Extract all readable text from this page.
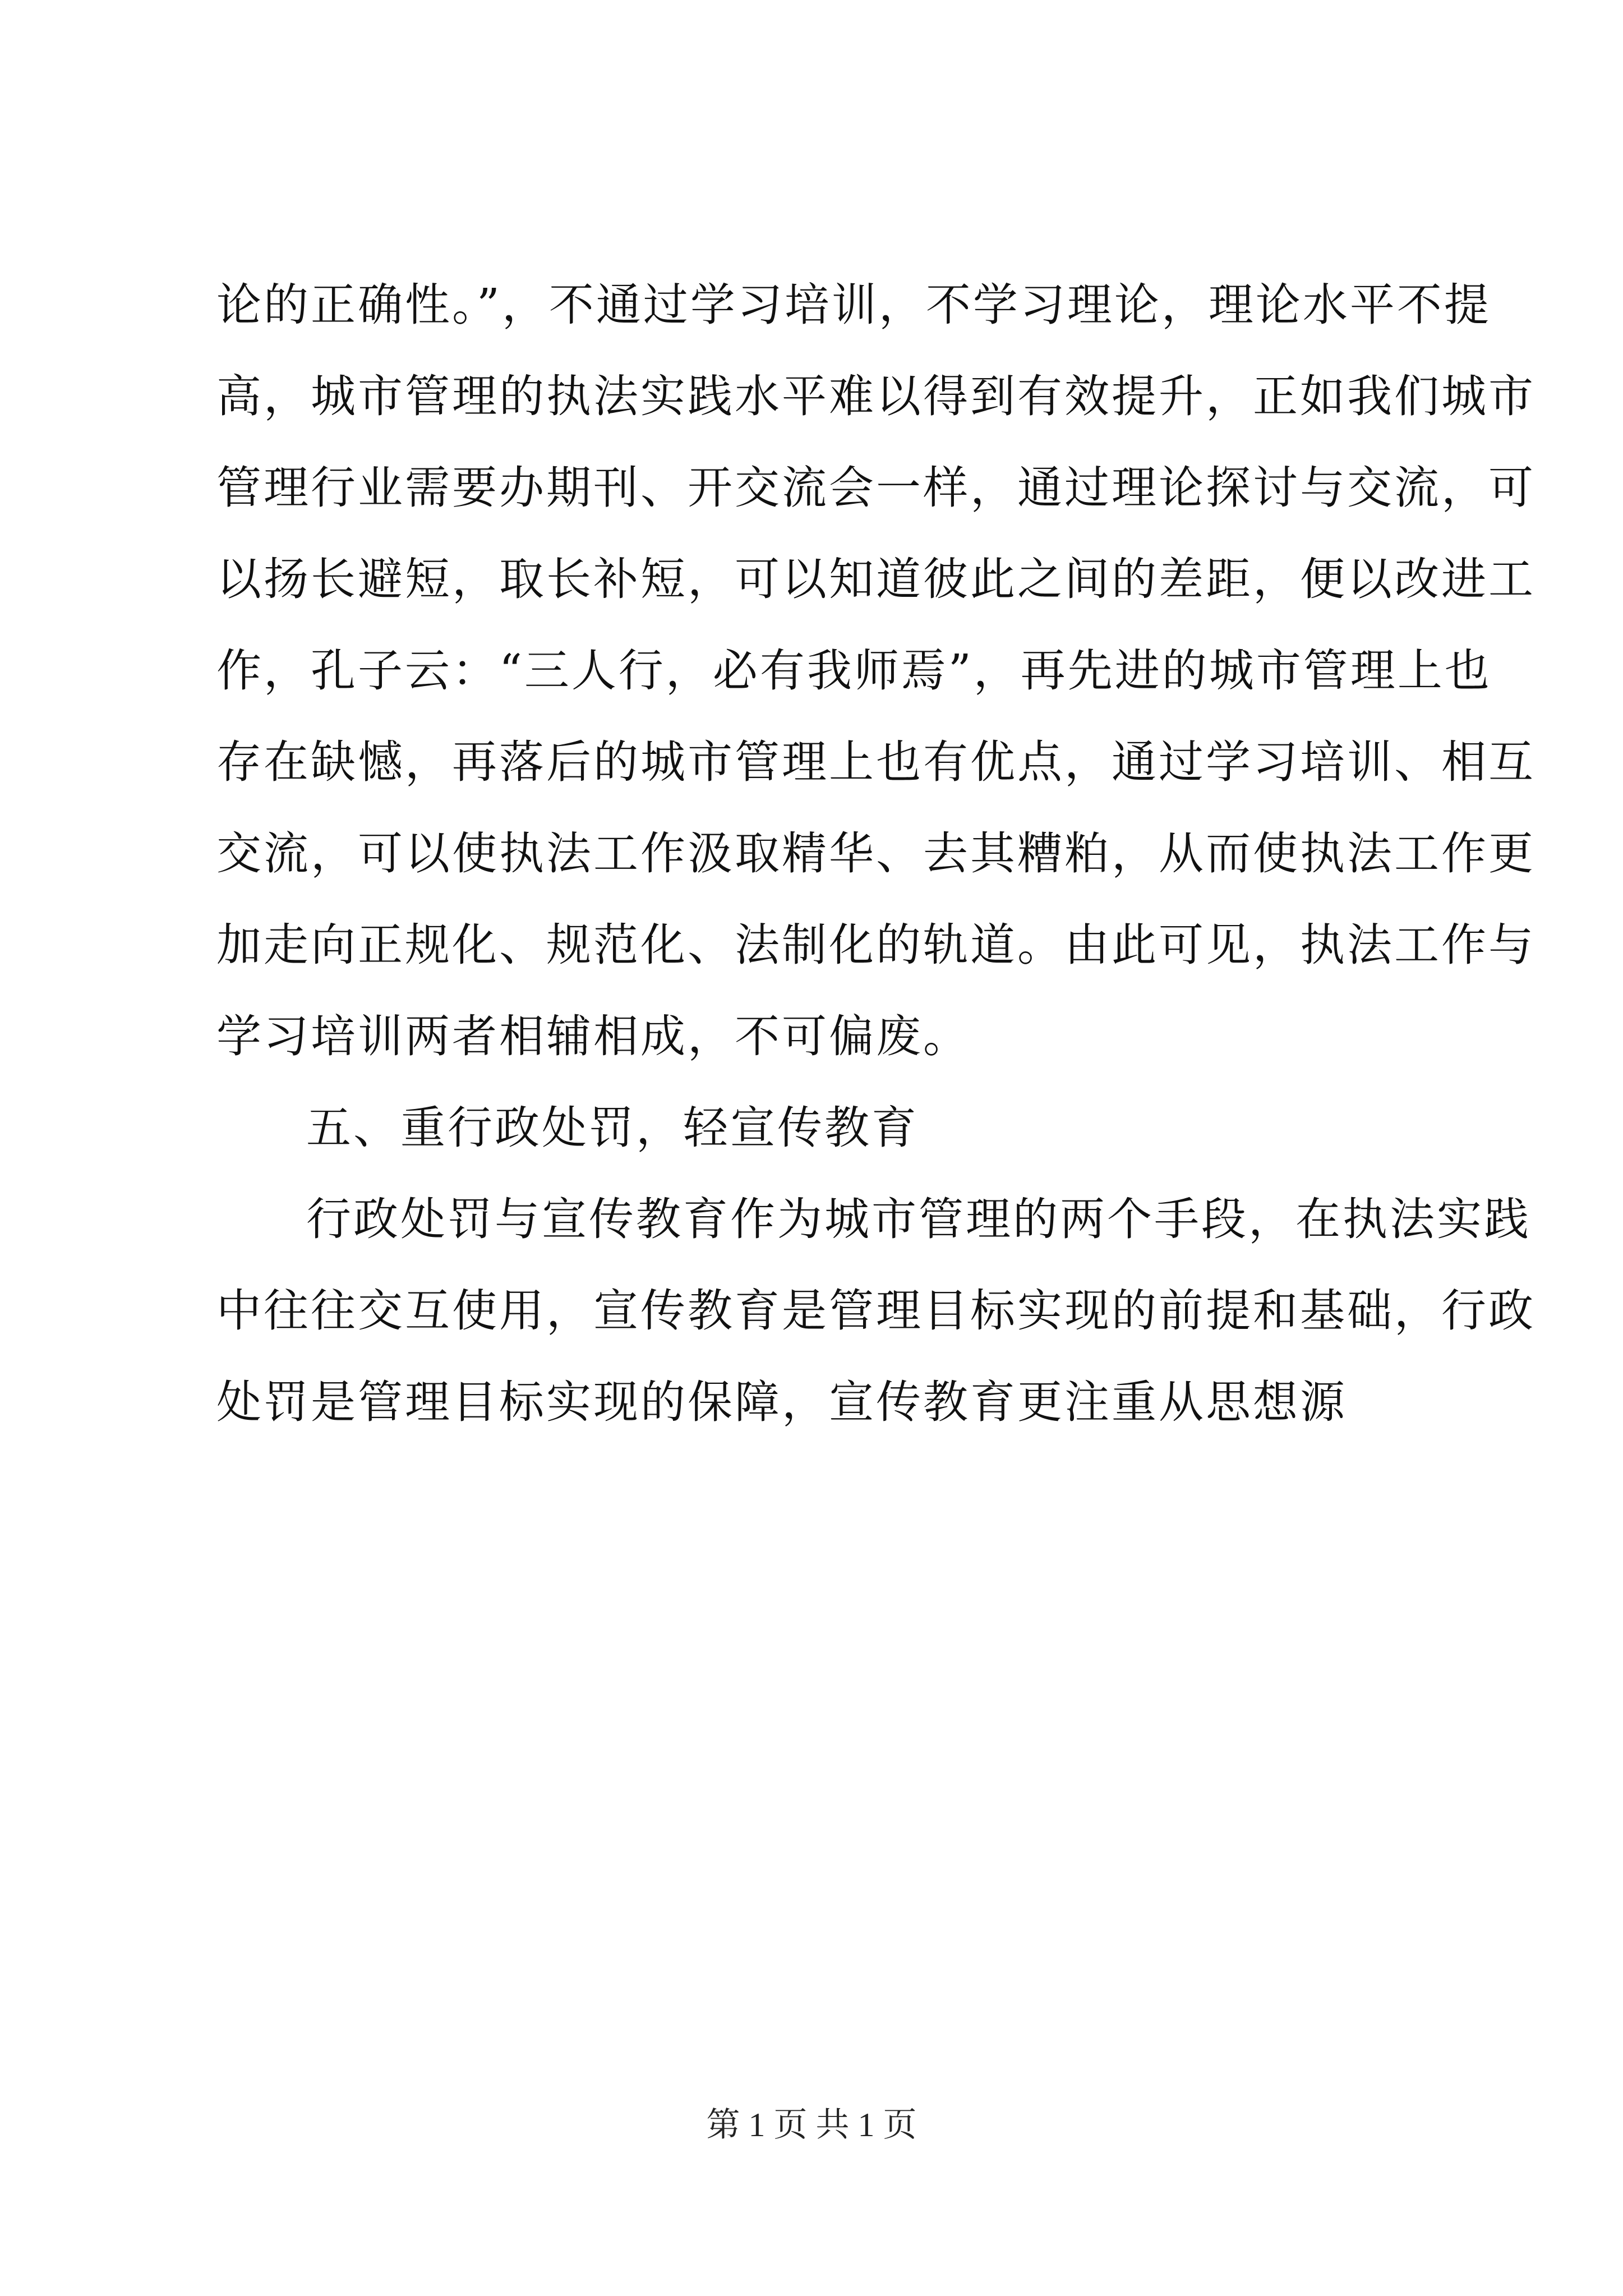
论的正确性。”，不通过学习培训，不学习理论，理论水平不提
高，城市管理的执法实践水平难以得到有效提升，正如我们城市
管理行业需要办期刊、开交流会一样，通过理论探讨与交流，可
以扬长避短，取长补短，可以知道彼此之间的差距，便以改进工
作，孔子云：“三人行，必有我师焉”，再先进的城市管理上也
存在缺憾，再落后的城市管理上也有优点，通过学习培训、相互
交流，可以使执法工作汲取精华、去其糟粕，从而使执法工作更
加走向正规化、规范化、法制化的轨道。由此可见，执法工作与
学习培训两者相辅相成，不可偏废。
五、重行政处罚，轻宣传教育
行政处罚与宣传教育作为城市管理的两个手段，在执法实践
中往往交互使用，宣传教育是管理目标实现的前提和基础，行政
处罚是管理目标实现的保障，宣传教育更注重从思想源
第 1 页 共 1 页
